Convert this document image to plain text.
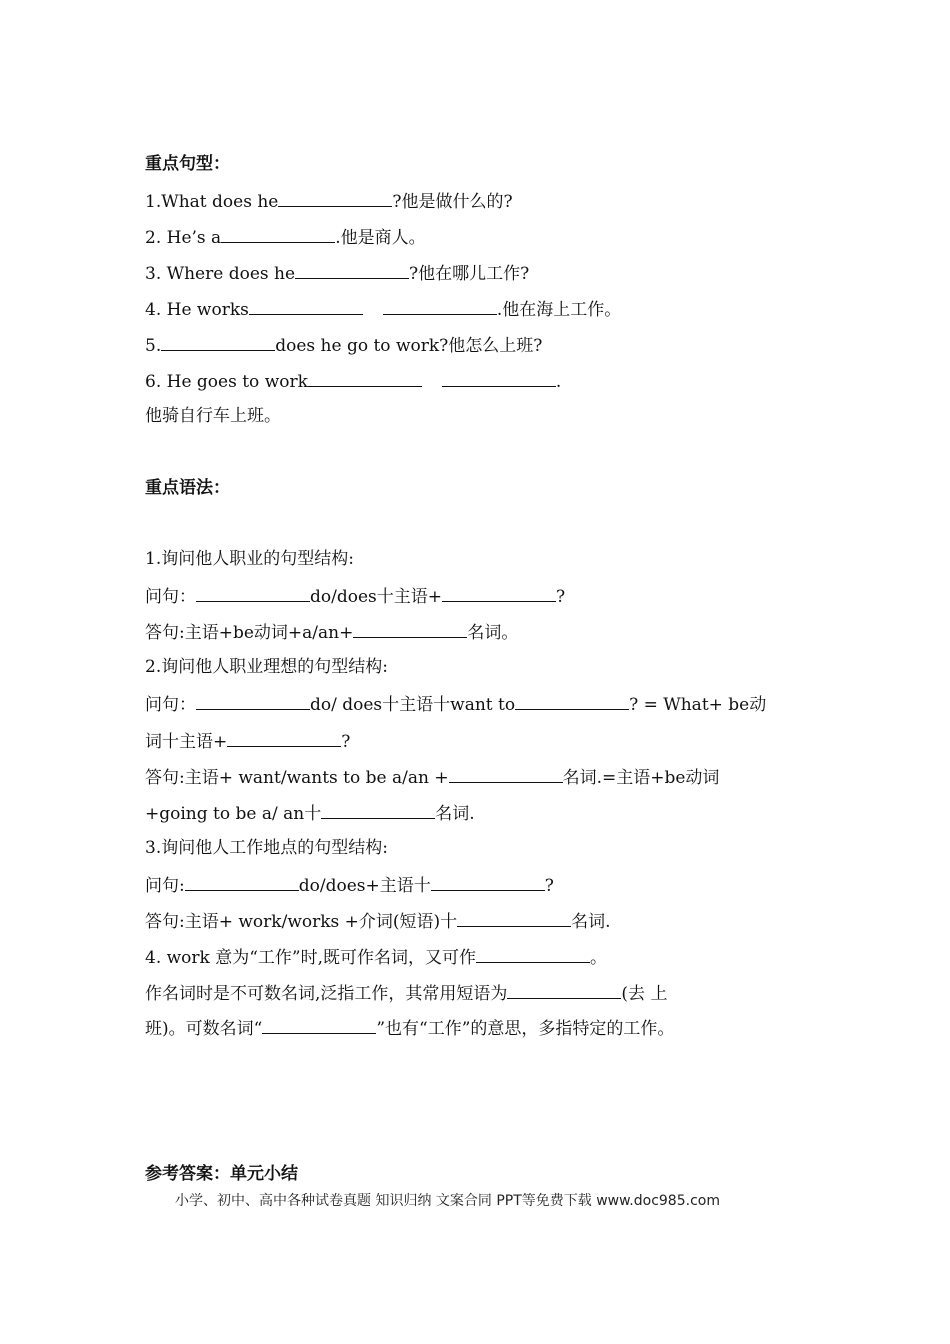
重点句型：
1.What does he	?他是做什么的?
2. He’s a	.他是商人。
3. Where does he	?他在哪儿工作?
4. He works	.他在海上工作。
5.	does he go to work?他怎么上班?
6. He goes to work	.
他骑自行车上班。
重点语法：
1.询问他人职业的句型结构:
问句：	do/does十主语+	?
答句:主语+be动词+a/an+	名词。
2.询问他人职业理想的句型结构:
问句：	do/ does十主语十want to	? = What+ be动
词十主语+	?
答句:主语+ want/wants to be a/an +	名词.=主语+be动词
+going to be a/ an十	名词.
3.询问他人工作地点的句型结构:
问句:	do/does+主语十	?
答句:主语+ work/works +介词(短语)十	名词.
4. work 意为“工作”时,既可作名词，又可作	。
作名词时是不可数名词,泛指工作，其常用短语为	(去 上
班)。可数名词“	”也有“工作”的意思，多指特定的工作。
参考答案：单元小结
小学、初中、高中各种试卷真题 知识归纳 文案合同 PPT等免费下载 www.doc985.com
